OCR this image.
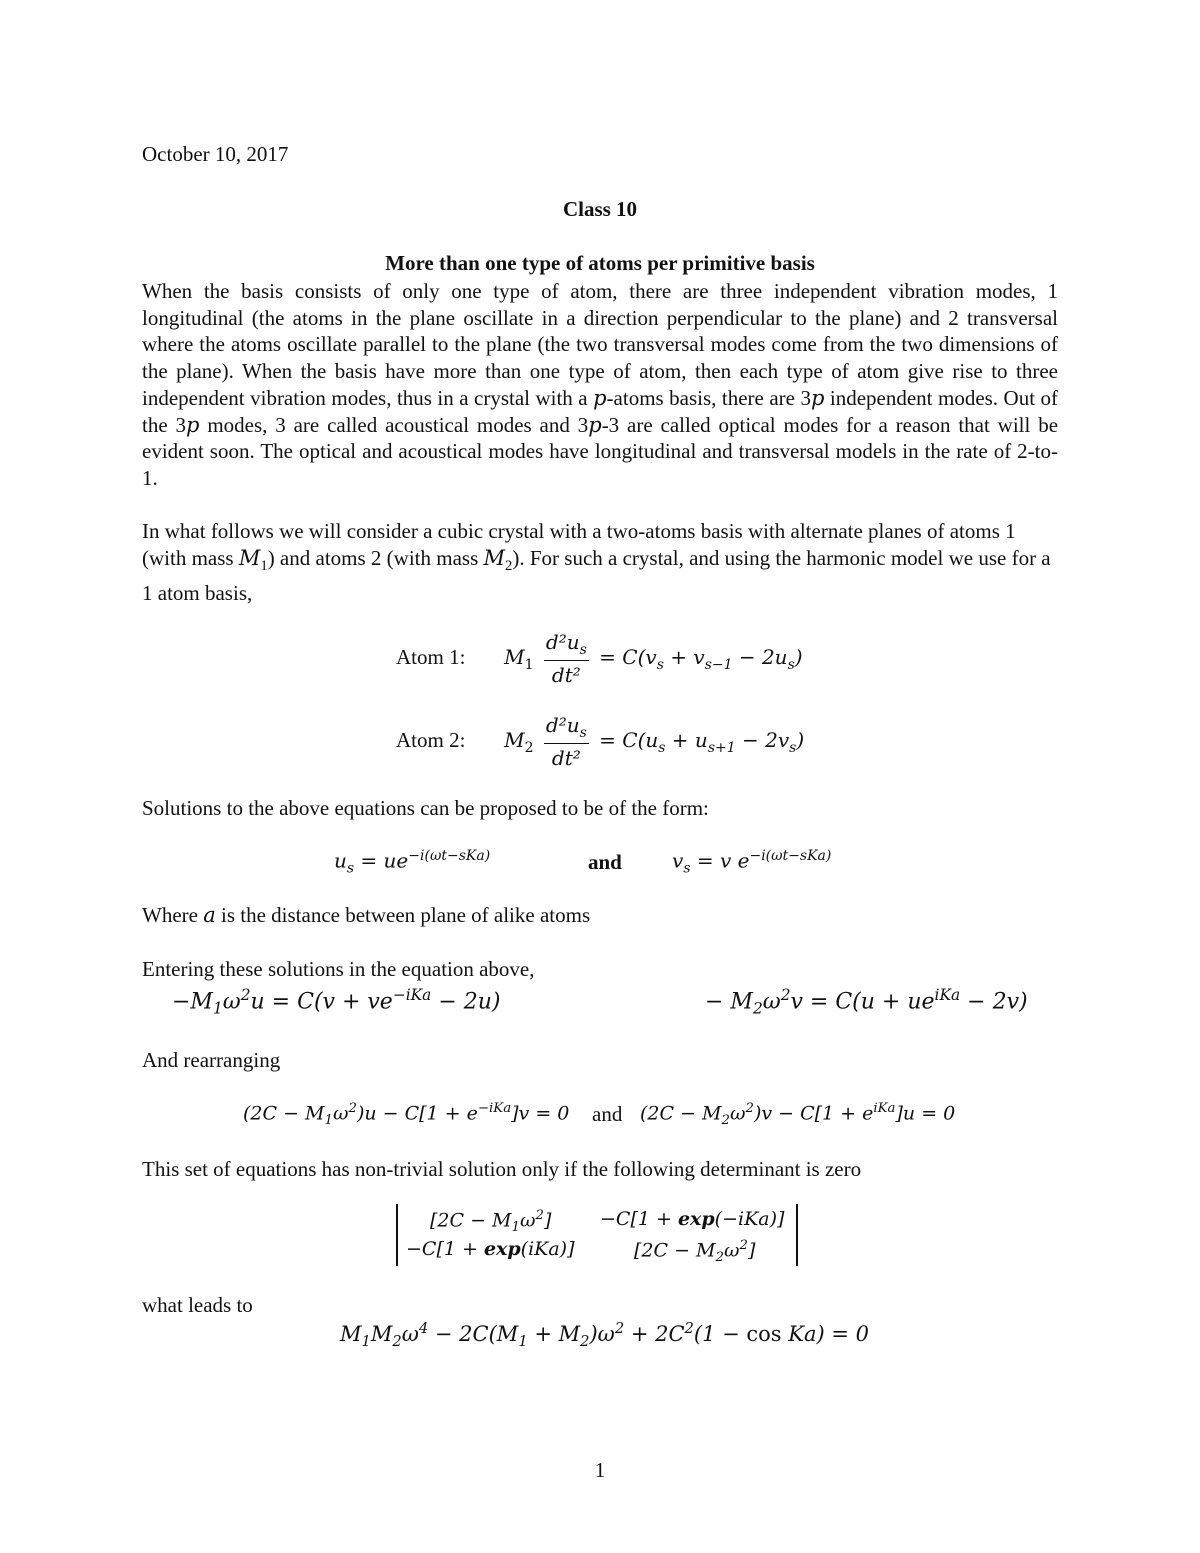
October 10, 2017
Class 10
More than one type of atoms per primitive basis
When the basis consists of only one type of atom, there are three independent vibration modes, 1 longitudinal (the atoms in the plane oscillate in a direction perpendicular to the plane) and 2 transversal where the atoms oscillate parallel to the plane (the two transversal modes come from the two dimensions of the plane). When the basis have more than one type of atom, then each type of atom give rise to three independent vibration modes, thus in a crystal with a p-atoms basis, there are 3p independent modes. Out of the 3p modes, 3 are called acoustical modes and 3p-3 are called optical modes for a reason that will be evident soon. The optical and acoustical modes have longitudinal and transversal models in the rate of 2-to-1.
In what follows we will consider a cubic crystal with a two-atoms basis with alternate planes of atoms 1 (with mass $M_1$) and atoms 2 (with mass $M_2$). For such a crystal, and using the harmonic model we use for a 1 atom basis,
Atom 1: $M_1 \frac{d^2u_s}{\text{dt²}} = C(v_s + v_{s-1} - 2u_s)$
Atom 2: $M_2 \frac{d^2u_s}{\text{dt²}} = C(u_s + u_{s+1} - 2v_s)$
Solutions to the above equations can be proposed to be of the form:
$u_s = ue^{-i(\omega t-sKa)}$	and	$v_s = v$ $e^{-i(\omega t-sKa)}$
Where a is the distance between plane of alike atoms
Entering these solutions in the equation above,
$-M_1\omega^2u = C(v + ve^{-iKa} - 2u)$	− $M_2\omega^2v = C(u + ue^{iKa} - 2v)$
And rearranging
$(2C - M_1\omega^2)u - C[1 + e^{-iKa}]v = 0$ and $(2C - M_2\omega^2)v - C[1 + e^{iKa}]u = 0$
This set of equations has non-trivial solution only if the following determinant is zero
$[2C - M_1\omega^2]$	−C[1 + exp(−iKa)]
−C[1 + exp(iKa)]	$[2C - M_2\omega^2]$
what leads to
$M_1M_2\omega^4 - 2C(M_1 + M_2)\omega^2 + 2C^2(1 - \cos Ka) = 0$
1
